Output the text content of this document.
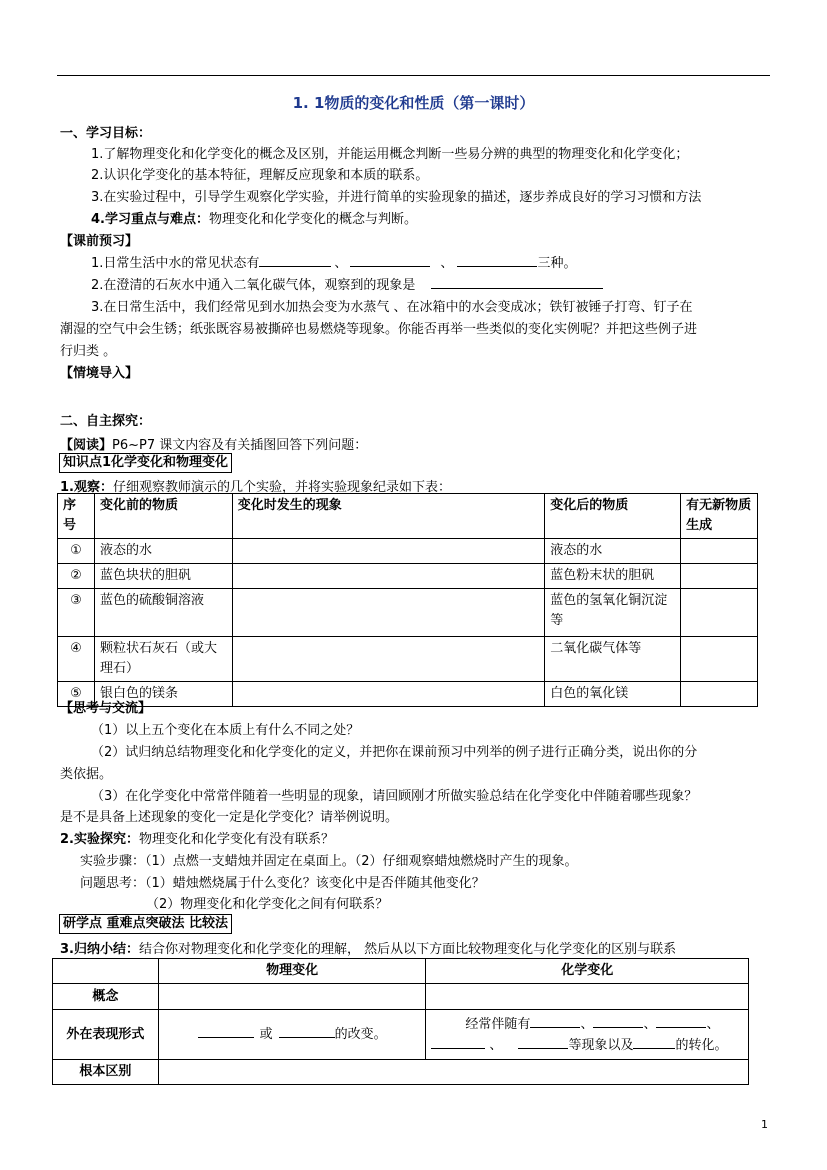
1. 1物质的变化和性质（第一课时）
一、学习目标：
1.了解物理变化和化学变化的概念及区别，并能运用概念判断一些易分辨的典型的物理变化和化学变化；
2.认识化学变化的基本特征，理解反应现象和本质的联系。
3.在实验过程中，引导学生观察化学实验，并进行简单的实验现象的描述，逐步养成良好的学习习惯和方法
4.学习重点与难点：物理变化和化学变化的概念与判断。
【课前预习】
1.日常生活中水的常见状态有	、	、	三种。
2.在澄清的石灰水中通入二氧化碳气体，观察到的现象是
3.在日常生活中，我们经常见到水加热会变为水蒸气 、在冰箱中的水会变成冰；铁钉被锤子打弯、钉子在
潮湿的空气中会生锈；纸张既容易被撕碎也易燃烧等现象。你能否再举一些类似的变化实例呢？并把这些例子进
行归类 。
【情境导入】
二、自主探究：
【阅读】P6~P7 课文内容及有关插图回答下列问题：
知识点1化学变化和物理变化
1.观察：仔细观察教师演示的几个实验，并将实验现象纪录如下表：
序号	变化前的物质	变化时发生的现象	变化后的物质	有无新物质生成
①	液态的水		液态的水	
②	蓝色块状的胆矾		蓝色粉末状的胆矾	
③	蓝色的硫酸铜溶液		蓝色的氢氧化铜沉淀等	
④	颗粒状石灰石（或大理石）		二氧化碳气体等	
⑤	银白色的镁条		白色的氧化镁	
【思考与交流】
（1）以上五个变化在本质上有什么不同之处？
（2）试归纳总结物理变化和化学变化的定义，并把你在课前预习中列举的例子进行正确分类，说出你的分
类依据。
（3）在化学变化中常常伴随着一些明显的现象，请回顾刚才所做实验总结在化学变化中伴随着哪些现象？
是不是具备上述现象的变化一定是化学变化？请举例说明。
2.实验探究：物理变化和化学变化有没有联系？
实验步骤：（1）点燃一支蜡烛并固定在桌面上。（2）仔细观察蜡烛燃烧时产生的现象。
问题思考：（1）蜡烛燃烧属于什么变化？该变化中是否伴随其他变化？
（2）物理变化和化学变化之间有何联系？
研学点 重难点突破法 比较法
3.归纳小结：结合你对物理变化和化学变化的理解， 然后从以下方面比较物理变化与化学变化的区别与联系
	物理变化	化学变化
概念		
外在表现形式	或 的改变。	经常伴随有 、 、 、
、 等现象以及 的转化。

根本区别		
1
